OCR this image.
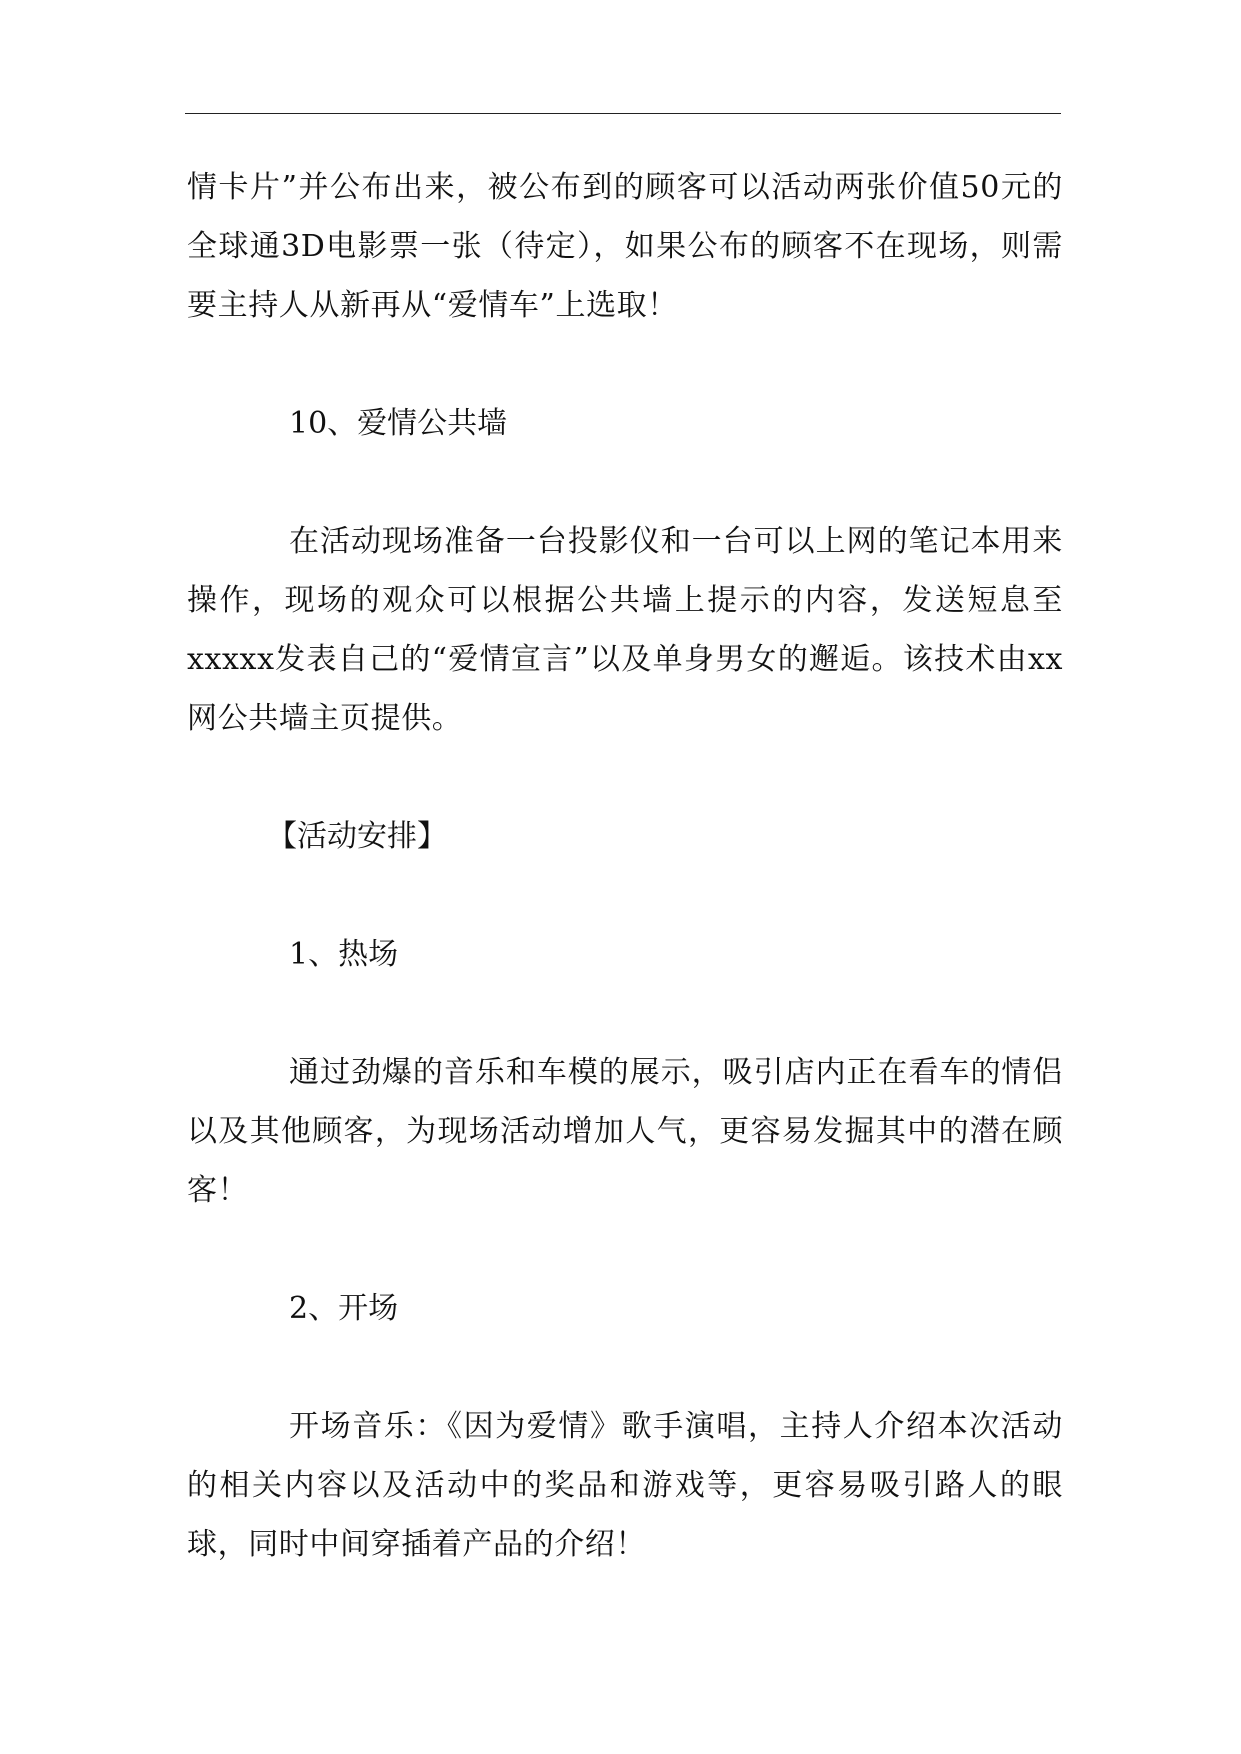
情卡片”并公布出来，被公布到的顾客可以活动两张价值50元的全球通3D电影票一张（待定），如果公布的顾客不在现场，则需要主持人从新再从“爱情车”上选取！

10、爱情公共墙

在活动现场准备一台投影仪和一台可以上网的笔记本用来操作，现场的观众可以根据公共墙上提示的内容，发送短息至xxxxx发表自己的“爱情宣言”以及单身男女的邂逅。该技术由xx网公共墙主页提供。

【活动安排】

1、热场

通过劲爆的音乐和车模的展示，吸引店内正在看车的情侣以及其他顾客，为现场活动增加人气，更容易发掘其中的潜在顾客！

2、开场

开场音乐：《因为爱情》歌手演唱，主持人介绍本次活动的相关内容以及活动中的奖品和游戏等，更容易吸引路人的眼球，同时中间穿插着产品的介绍！
